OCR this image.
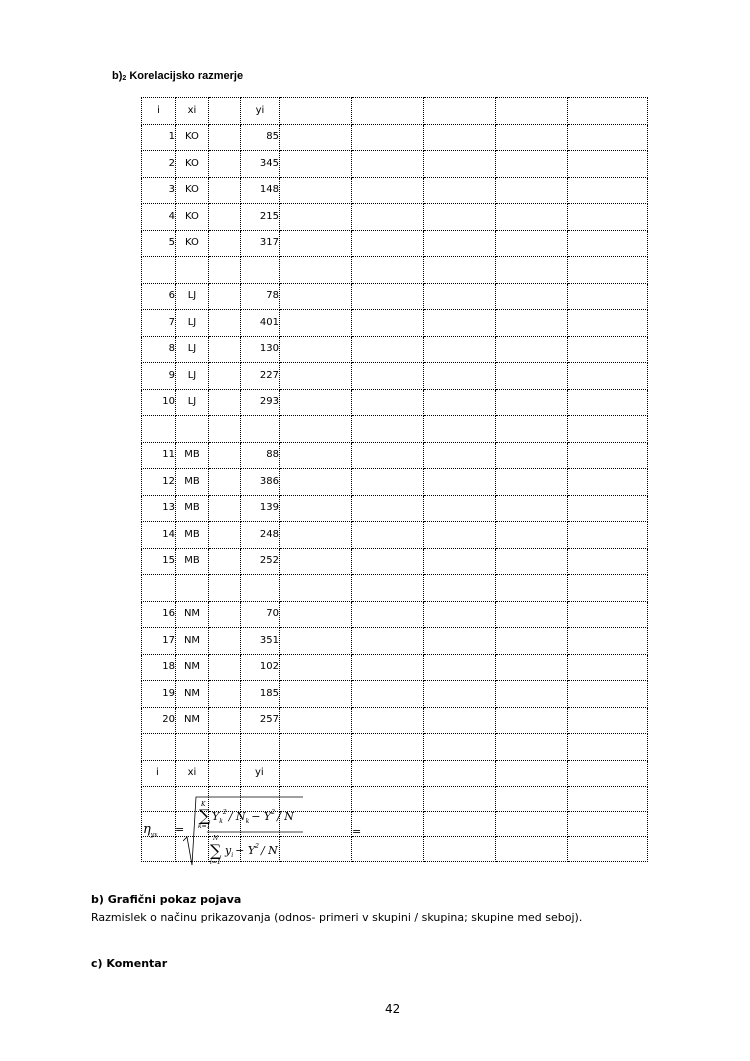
$b)_2$ Korelacijsko razmerje
i	xi		yi					
1	KO		85					
2	KO		345					
3	KO		148					
4	KO		215					
5	KO		317					

6	LJ		78					
7	LJ		401					
8	LJ		130					
9	LJ		227					
10	LJ		293					

11	MB		88					
12	MB		386					
13	MB		139					
14	MB		248					
15	MB		252					

16	NM		70					
17	NM		351					
18	NM		102					
19	NM		185					
20	NM		257					

i	xi		yi					

$\eta_{yx}$ =	=
K
∑
k=1
$Y_k^2 / N_k - Y^2 / N$
N
∑
i=1
$y_i - Y^2 / N$
b) Grafični pokaz pojava
Razmislek o načinu prikazovanja (odnos- primeri v skupini / skupina; skupine med seboj).
c) Komentar
42
